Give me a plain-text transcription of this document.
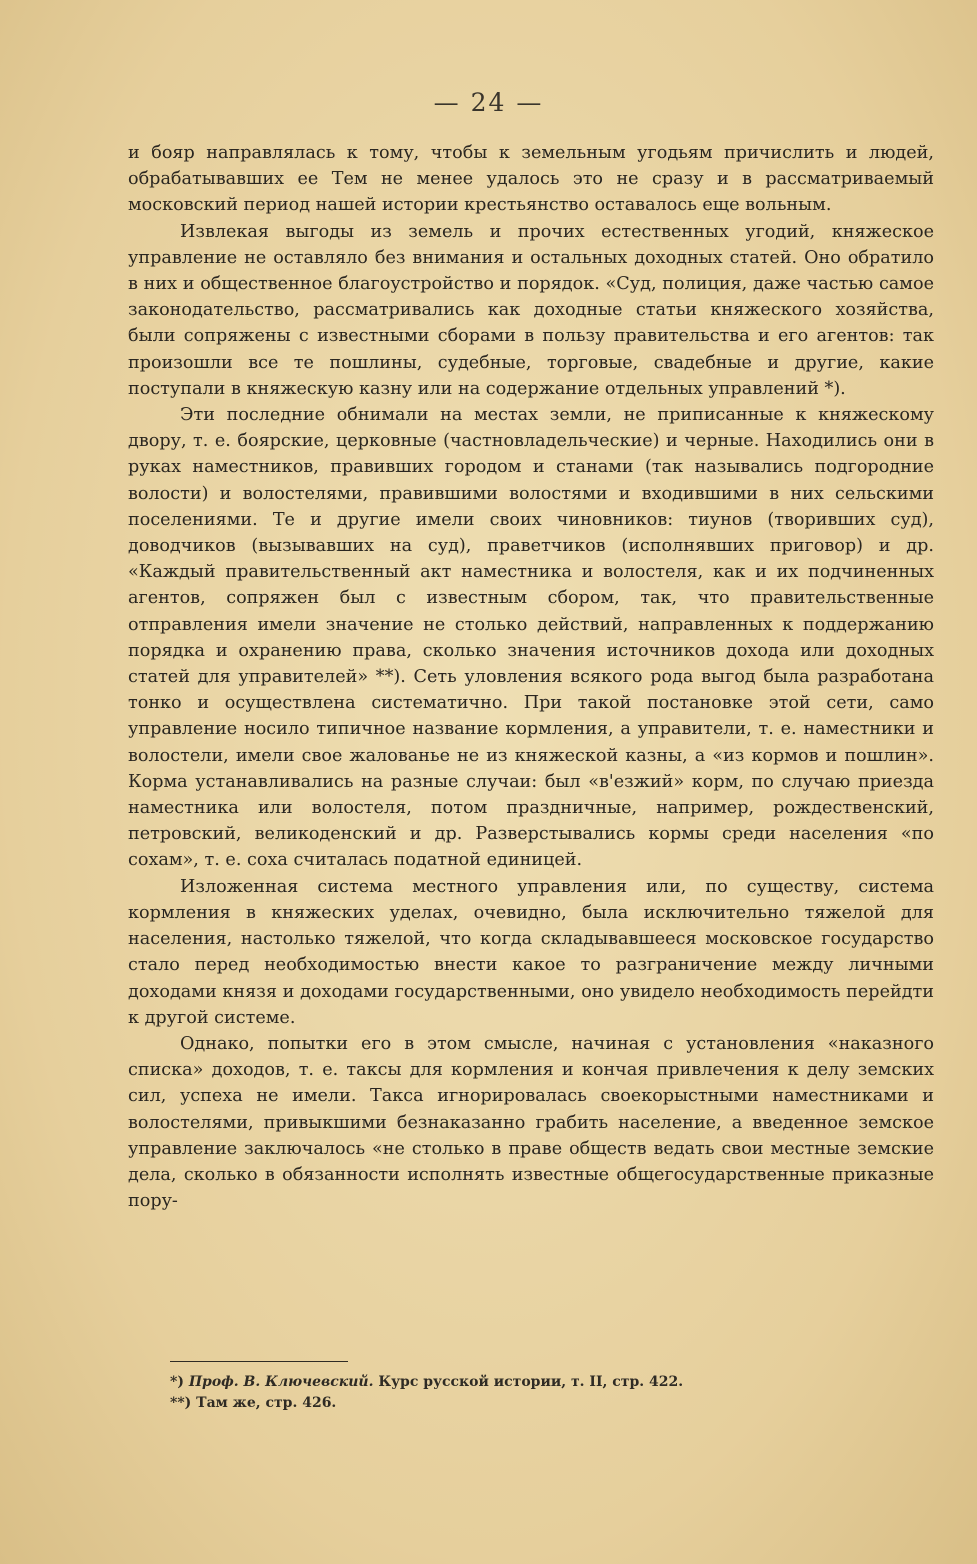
— 24 —

и бояр направлялась к тому, чтобы к земельным угодьям причислить и людей, обрабатывавших ее Тем не менее удалось это не сразу и в рассматриваемый московский период нашей истории крестьянство оставалось еще вольным.

Извлекая выгоды из земель и прочих естественных угодий, княжеское управление не оставляло без внимания и остальных доходных статей. Оно обратило в них и общественное благоустройство и порядок. «Суд, полиция, даже частью самое законодательство, рассматривались как доходные статьи княжеского хозяйства, были сопряжены с известными сборами в пользу правительства и его агентов: так произошли все те пошлины, судебные, торговые, свадебные и другие, какие поступали в княжескую казну или на содержание отдельных управлений *).

Эти последние обнимали на местах земли, не приписанные к княжескому двору, т. е. боярские, церковные (частновладельческие) и черные. Находились они в руках наместников, правивших городом и станами (так назывались подгородние волости) и волостелями, правившими волостями и входившими в них сельскими поселениями. Те и другие имели своих чиновников: тиунов (творивших суд), доводчиков (вызывавших на суд), праветчиков (исполнявших приговор) и др. «Каждый правительственный акт наместника и волостеля, как и их подчиненных агентов, сопряжен был с известным сбором, так, что правительственные отправления имели значение не столько действий, направленных к поддержанию порядка и охранению права, сколько значения источников дохода или доходных статей для управителей» **). Сеть уловления всякого рода выгод была разработана тонко и осуществлена систематично. При такой постановке этой сети, само управление носило типичное название кормления, а управители, т. е. наместники и волостели, имели свое жалованье не из княжеской казны, а «из кормов и пошлин». Корма устанавливались на разные случаи: был «в'езжий» корм, по случаю приезда наместника или волостеля, потом праздничные, например, рождественский, петровский, великоденский и др. Разверстывались кормы среди населения «по сохам», т. е. соха считалась податной единицей.

Изложенная система местного управления или, по существу, система кормления в княжеских уделах, очевидно, была исключительно тяжелой для населения, настолько тяжелой, что когда складывавшееся московское государство стало перед необходимостью внести какое то разграничение между личными доходами князя и доходами государственными, оно увидело необходимость перейдти к другой системе.

Однако, попытки его в этом смысле, начиная с установления «наказного списка» доходов, т. е. таксы для кормления и кончая привлечения к делу земских сил, успеха не имели. Такса игнорировалась своекорыстными наместниками и волостелями, привыкшими безнаказанно грабить население, а введенное земское управление заключалось «не столько в праве обществ ведать свои местные земские дела, сколько в обязанности исполнять известные общегосударственные приказные пору-

*) Проф. В. Ключевский. Курс русской истории, т. II, стр. 422.

**) Там же, стр. 426.
